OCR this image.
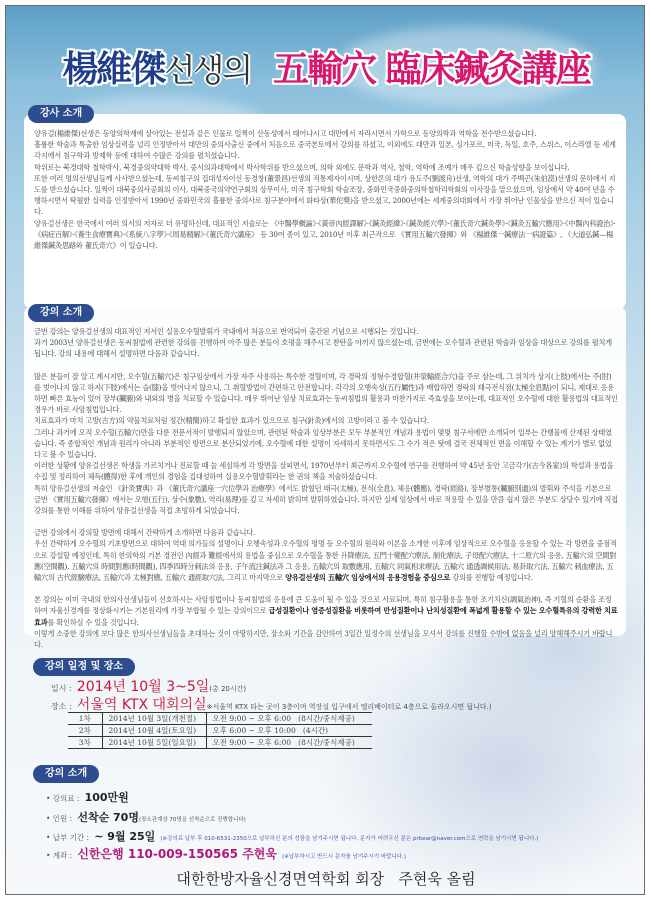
楊維傑선생의 五輸穴 臨床鍼灸講座
강사 소개

양유걸(楊維傑)선생은 동양의학계에 살아있는 전설과 같은 인물로 일찍이 산동성에서 태어나시고 대만에서 자라시면서 가학으로 동양의학과 역학을 전수받으셨습니다.

훌륭한 학술과 특출한 임상실력을 널리 인정받아서 대만의 중의사출신 중에서 처음으로 중국본토에서 강의를 하셨고, 이외에도 대만과 일본, 싱가포르, 미국, 독일, 호주, 스위스, 이스라엘 등 세계 각지에서 침구학과 방제학 등에 대하여 수많은 강의를 펼치셨습니다.

학위로는 북경대학 철학박사, 북경중의약대학 박사, 중서의과대학에서 박사학위를 받으셨으며, 의학 외에도 문학과 역사, 철학, 역학에 조예가 매우 깊으신 학술성향을 보이십니다.

또한 여러 명의선생님들께 사사받으셨는데, 동씨침구의 집대성자이신 동경창(董景昌)선생의 적통제자이시며, 상한론의 대가 유도주(劉渡舟)선생, 역학의 대가 주백곤(朱伯崑)선생의 문하에서 지도를 받으셨습니다. 일찍이 대북중의사공회의 이사, 대북중국의약연구회의 상무이사, 미국 침구학회 학술조장, 중화민국중화중의학철학리학회의 이사장을 맡으셨으며, 임상에서 약 40여 년을 수행하시면서 탁월한 실력을 인정받아서 1990년 중화민국의 훌륭한 중의사로 침구분야에서 화타상(華佗獎)을 받으셨고, 2000년에는 세계중의대회에서 가장 뛰어난 인물상을 받으신 적이 있습니다.

양유걸선생은 한국에서 여러 의서의 저자로 더 유명하신데, 대표적인 저술로는 《中醫學概論》·《黃帝內經譯解》·《鍼灸經緯》·《鍼灸經穴學》·《董氏奇穴鍼灸學》·《鍼灸五輸穴應用》·《中醫內科證治》·《病症百解》·《養生食療寶典》·《系統八字學》·《周易精解》·《董氏奇穴講座》 등 30여 종이 있고, 2010년 이후 최근작으로 《實用五輸穴發揮》와 《楊維傑一鍼療法一病證篇》, 《大道弘鍼—楊維傑鍼灸思路와 董氏奇穴》이 있습니다.

강의 소개

금번 강의는 양유걸선생의 대표적인 저서인 실용오수혈발휘가 국내에서 처음으로 번역되어 출간된 기념으로 시행되는 것입니다.

과거 2003년 양유걸선생은 동씨침법에 관련한 강의를 진행하여 아주 많은 분들이 호평을 해주시고 찬탄을 아끼지 않으셨는데, 금번에는 오수혈과 관련된 학술과 임상을 대상으로 강의를 펼치게 됩니다. 강의 내용에 대해서 설명하면 다음과 같습니다.

많은 분들이 잘 알고 계시지만, 오수혈(五輸穴)은 침구임상에서 가장 자주 사용하는 특수한 경혈이며, 각 경락의 정형수경합혈(井滎輸經合穴)을 주로 삼는데, 그 위치가 상지(上肢)에서는 주(肘)를 벗어나지 않고 하지(下肢)에서는 슬(膝)을 벗어나지 않으니, 그 취혈방법이 간편하고 안전합니다. 각각의 오행속성(五行屬性)과 배합하면 경락의 태극전식점(太極全息點)이 되니, 제대로 응용하면 빠른 효능이 있어 장부(臟腑)와 내외의 병을 치료할 수 있습니다. 매우 뛰어난 임상 치료효과는 동씨침법의 활용과 마찬가지로 즉효성을 보이는데, 대표적인 오수혈에 대한 활용법의 대표적인 경우가 바로 사암침법입니다.

치료효과가 마치 고방(古方)의 약물치료처럼 정간(精簡)하고 확실한 효과가 있으므로 침구(針灸)에서의 고방이라고 볼 수 있습니다.

그러나 과거에 오직 오수혈(五輸穴)만을 다룬 전문서적이 발행되지 않았으며, 관련된 학술과 임상부분은 모두 부분적인 개념과 용법이 몇몇 침구서에만 소개되어 일부는 간행물에 산재된 상태였습니다. 즉 종합적인 개념과 원리가 아니라 부분적인 방면으로 분산되었기에, 오수혈에 대한 설명이 자세하지 못하면서도 그 수가 적은 탓에 결국 전체적인 면을 이해할 수 있는 계기가 별로 없었다고 볼 수 있습니다.

이러한 상황에 양유걸선생은 학생을 가르치거나 진료할 때 늘 세심하게 각 방면을 살피면서, 1970년부터 최근까지 오수혈에 연구를 진행하여 약 45년 동안 고금각가(古今各家)의 학설과 용법을 수집 및 정리하여 체득(體得)한 후에 개인의 경험을 집대성하여 실용오수혈발휘라는 한 권의 책을 저술하셨습니다.

특히 양유걸선생의 저술인 《針灸寶典》과 《董氏奇穴講座一穴位學과 治療學》에서도 밝혔던 태극(太極), 전식(全息), 체응(體應), 경락(經絡), 장부별통(臟腑別通)의 발휘와 주석을 기본으로 금번 《實用五輸穴發揮》에서는 오행(五行), 상수(象數), 역리(易理)를 깊고 자세히 밝히며 발휘하였습니다. 하지만 실제 임상에서 바로 적용할 수 있을 만큼 쉽지 않은 부분도 상당수 있기에 직접 강의를 통한 이해를 위하여 양유걸선생을 직접 초빙하게 되었습니다.

금번 강의에서 강의할 방면에 대해서 간략하게 소개하면 다음과 같습니다.

우선 간략하게 오수혈의 기초방면으로 대하여 역대 의가들의 설명이나 오행속성과 오수혈의 명명 등 오수혈의 원리와 이론을 소개한 이후에 임상적으로 오수혈을 응용할 수 있는 각 방면을 중점적으로 강설할 예정인데, 특히 한의학의 기본 경전인 內經과 難經에서의 용법을 중심으로 오수혈을 통한 升降療法, 五門十變配穴療法, 制化療法, 子母配穴療法, 十二原穴의 응용, 五輸穴의 空間對應(空間觀), 五輸穴의 時間對應(時間觀), 四季四時分刺法의 응용, 子午流注鍼法과 그 응용, 五輸穴의 取數應用, 五輸穴 同氣相求療法, 五輸穴 通透調候用法, 易卦取穴法, 五輸穴 刺血療法, 五輸穴의 古代經驗療法, 五輸穴과 太極對應, 五輸穴 通經取穴法, 그리고 마지막으로 양유걸선생의 五輸穴 임상에서의 응용경험을 중심으로 강의를 진행할 예정입니다.

본 강의는 이미 국내의 한의사선생님들이 선호하시는 사암침법이나 동씨침법의 응용에 큰 도움이 될 수 있을 것으로 사료되며, 특히 침구활용을 통한 조기치신(調氣治神), 즉 기혈의 순환을 조정하여 자율신경계를 정상화시키는 기본원리에 가장 부합될 수 있는 강의이므로 급성질환이나 염증성질환을 비롯하여 만성질환이나 난치성질환에 폭넓게 활용할 수 있는 오수혈특유의 강력한 치료효과를 확인하실 수 있을 것입니다.

이렇게 소중한 강의에 보다 많은 한의사선생님들을 초대하는 것이 마땅하지만, 장소와 기간을 감안하여 3일간 일정수의 선생님을 모셔서 강의를 진행할 수밖에 없음을 널리 양해해주시기 바랍니다.

강의 일정 및 장소
일시 : 2014년 10월 3~5일(총 20시간)
장소 : 서울역 KTX 대회의실※서울역 KTX 타는 곳이 3층이며 역장실 입구에서 엘리베이터로 4층으로 올라오시면 됩니다.)
1차	2014년 10월 3일(개천절)	오전 9:00 ~ 오후 6:00 (8시간/중식제공)
2차	2014년 10월 4일(토요일)	오후 6:00 ~ 오후 10:00 (4시간)
3차	2014년 10월 5일(일요일)	오전 9:00 ~ 오후 6:00 (8시간/중식제공)
강의 소개
• 강의료 : 100만원
• 인원 : 선착순 70명(장소관계상 70명을 선착순으로 진행합니다)
• 납부 기간 : ~ 9월 25일 (※강의료 납부 후 010-6531-2350으로 납부하신 분의 성함을 남겨주시면 됩니다. 문자가 어려우신 분은 prbear@naver.com으로 연락을 남기시면 됩니다.)
• 계좌 : 신한은행 110-009-150565 주현욱 (※납부하시고 반드시 문자를 남겨주시기 바랍니다.)
대한한방자율신경면역학회 회장   주현욱 올림
